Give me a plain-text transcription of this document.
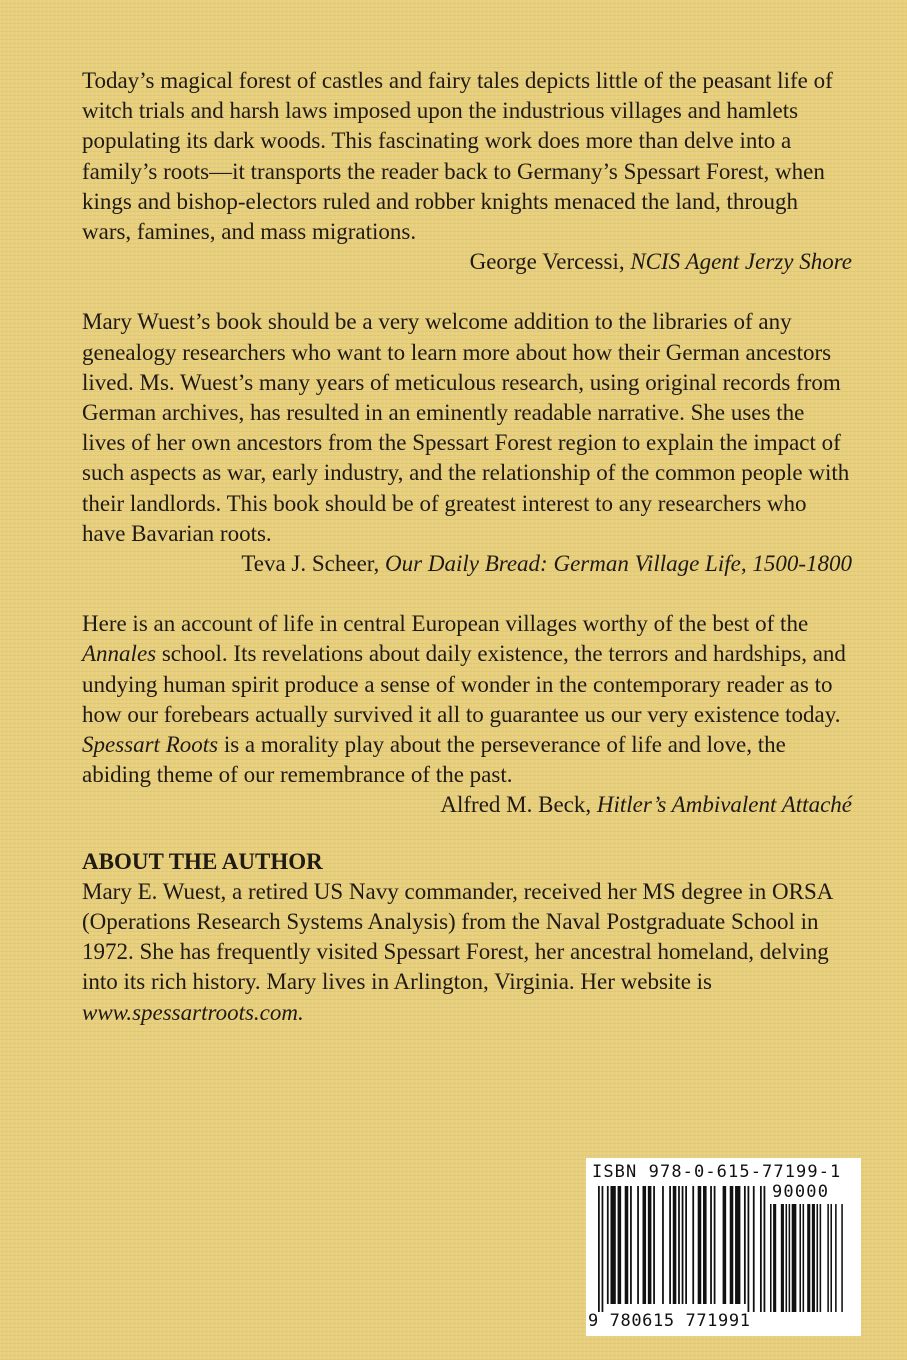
Today’s magical forest of castles and fairy tales depicts little of the peasant life of witch trials and harsh laws imposed upon the industrious villages and hamlets populating its dark woods. This fascinating work does more than delve into a family’s roots—it transports the reader back to Germany’s Spessart Forest, when kings and bishop-electors ruled and robber knights menaced the land, through wars, famines, and mass migrations.

George Vercessi, NCIS Agent Jerzy Shore

Mary Wuest’s book should be a very welcome addition to the libraries of any genealogy researchers who want to learn more about how their German ancestors lived. Ms. Wuest’s many years of meticulous research, using original records from German archives, has resulted in an eminently readable narrative. She uses the lives of her own ancestors from the Spessart Forest region to explain the impact of such aspects as war, early industry, and the relationship of the common people with their landlords. This book should be of greatest interest to any researchers who have Bavarian roots.

Teva J. Scheer, Our Daily Bread: German Village Life, 1500-1800

Here is an account of life in central European villages worthy of the best of the Annales school. Its revelations about daily existence, the terrors and hardships, and undying human spirit produce a sense of wonder in the contemporary reader as to how our forebears actually survived it all to guarantee us our very existence today. Spessart Roots is a morality play about the perseverance of life and love, the abiding theme of our remembrance of the past.

Alfred M. Beck, Hitler’s Ambivalent Attaché

ABOUT THE AUTHOR

Mary E. Wuest, a retired US Navy commander, received her MS degree in ORSA (Operations Research Systems Analysis) from the Naval Postgraduate School in 1972. She has frequently visited Spessart Forest, her ancestral homeland, delving into its rich history. Mary lives in Arlington, Virginia. Her website is www.spessartroots.com.

ISBN 978-0-615-77199-1
90000
9 780615 771991
